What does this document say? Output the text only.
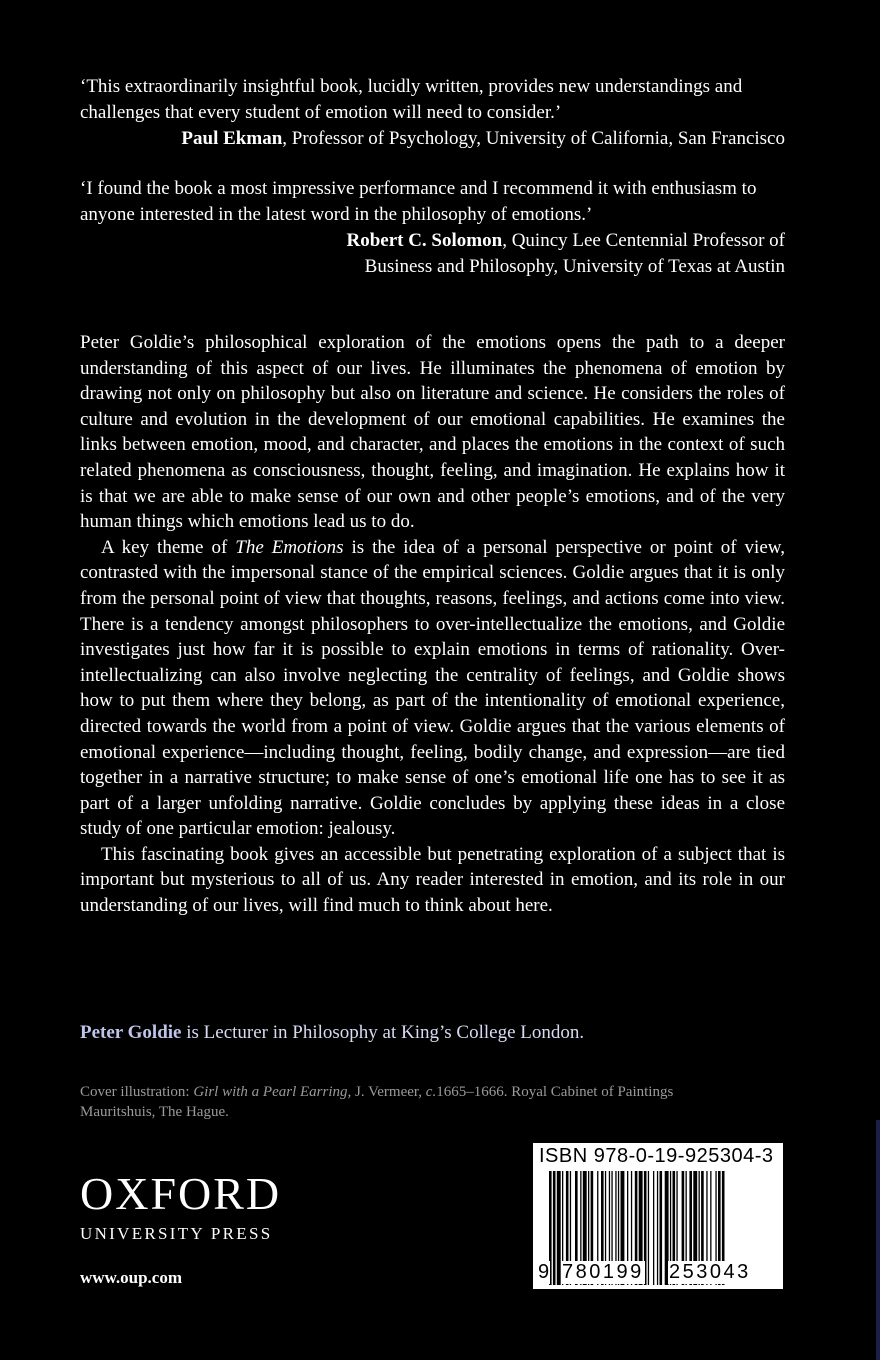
‘This extraordinarily insightful book, lucidly written, provides new understandings and challenges that every student of emotion will need to consider.’

Paul Ekman, Professor of Psychology, University of California, San Francisco

‘I found the book a most impressive performance and I recommend it with enthusiasm to anyone interested in the latest word in the philosophy of emotions.’

Robert C. Solomon, Quincy Lee Centennial Professor of
Business and Philosophy, University of Texas at Austin

Peter Goldie’s philosophical exploration of the emotions opens the path to a deeper understanding of this aspect of our lives. He illuminates the phenomena of emotion by drawing not only on philosophy but also on literature and science. He considers the roles of culture and evolution in the development of our emotional capabilities. He examines the links between emotion, mood, and character, and places the emotions in the context of such related phenomena as consciousness, thought, feeling, and imagination. He explains how it is that we are able to make sense of our own and other people’s emotions, and of the very human things which emotions lead us to do.

A key theme of The Emotions is the idea of a personal perspective or point of view, contrasted with the impersonal stance of the empirical sciences. Goldie argues that it is only from the personal point of view that thoughts, reasons, feelings, and actions come into view. There is a tendency amongst philosophers to over-intellectualize the emotions, and Goldie investigates just how far it is possible to explain emotions in terms of rationality. Over-intellectualizing can also involve neglecting the centrality of feelings, and Goldie shows how to put them where they belong, as part of the intentionality of emotional experience, directed towards the world from a point of view. Goldie argues that the various elements of emotional experience—including thought, feeling, bodily change, and expression—are tied together in a narrative structure; to make sense of one’s emotional life one has to see it as part of a larger unfolding narrative. Goldie concludes by applying these ideas in a close study of one particular emotion: jealousy.

This fascinating book gives an accessible but penetrating exploration of a subject that is important but mysterious to all of us. Any reader interested in emotion, and its role in our understanding of our lives, will find much to think about here.

Peter Goldie is Lecturer in Philosophy at King’s College London.
Cover illustration: Girl with a Pearl Earring, J. Vermeer, c.1665–1666. Royal Cabinet of Paintings Mauritshuis, The Hague.
OXFORD
UNIVERSITY PRESS
www.oup.com
ISBN 978-0-19-925304-3
9 780199 253043
